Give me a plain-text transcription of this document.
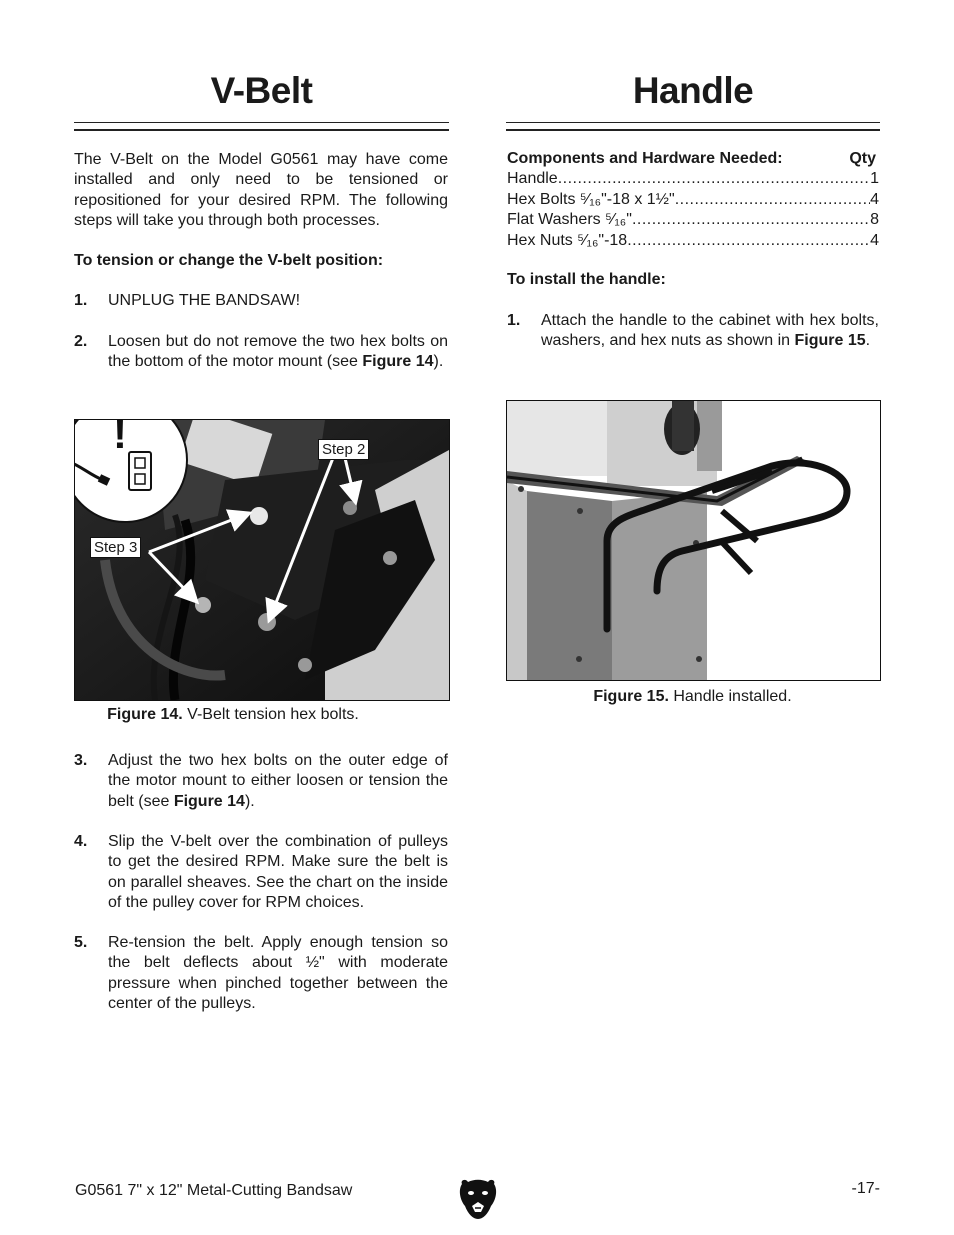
V-Belt
The V-Belt on the Model G0561 may have come installed and only need to be tensioned or repositioned for your desired RPM. The following steps will take you through both processes.
To tension or change the V-belt position:
1.	UNPLUG THE BANDSAW!
2.	Loosen but do not remove the two hex bolts on the bottom of the motor mount (see Figure 14).
!	Step 2
Step 3
Figure 14. V-Belt tension hex bolts.
3.	Adjust the two hex bolts on the outer edge of the motor mount to either loosen or tension the belt (see Figure 14).
4.	Slip the V-belt over the combination of pulleys to get the desired RPM. Make sure the belt is on parallel sheaves. See the chart on the inside of the pulley cover for RPM choices.
5.	Re-tension the belt. Apply enough tension so the belt deflects about ½" with moderate pressure when pinched together between the center of the pulleys.
Handle
Components and Hardware Needed:	Qty
Handle .....	1
Hex Bolts ⁵⁄₁₆"-18 x 1½" .....	4
Flat Washers ⁵⁄₁₆" .....	8
Hex Nuts ⁵⁄₁₆"-18 .....	4
To install the handle:
1.	Attach the handle to the cabinet with hex bolts, washers, and hex nuts as shown in Figure 15.
Figure 15. Handle installed.
G0561 7" x 12" Metal-Cutting Bandsaw	-17-
